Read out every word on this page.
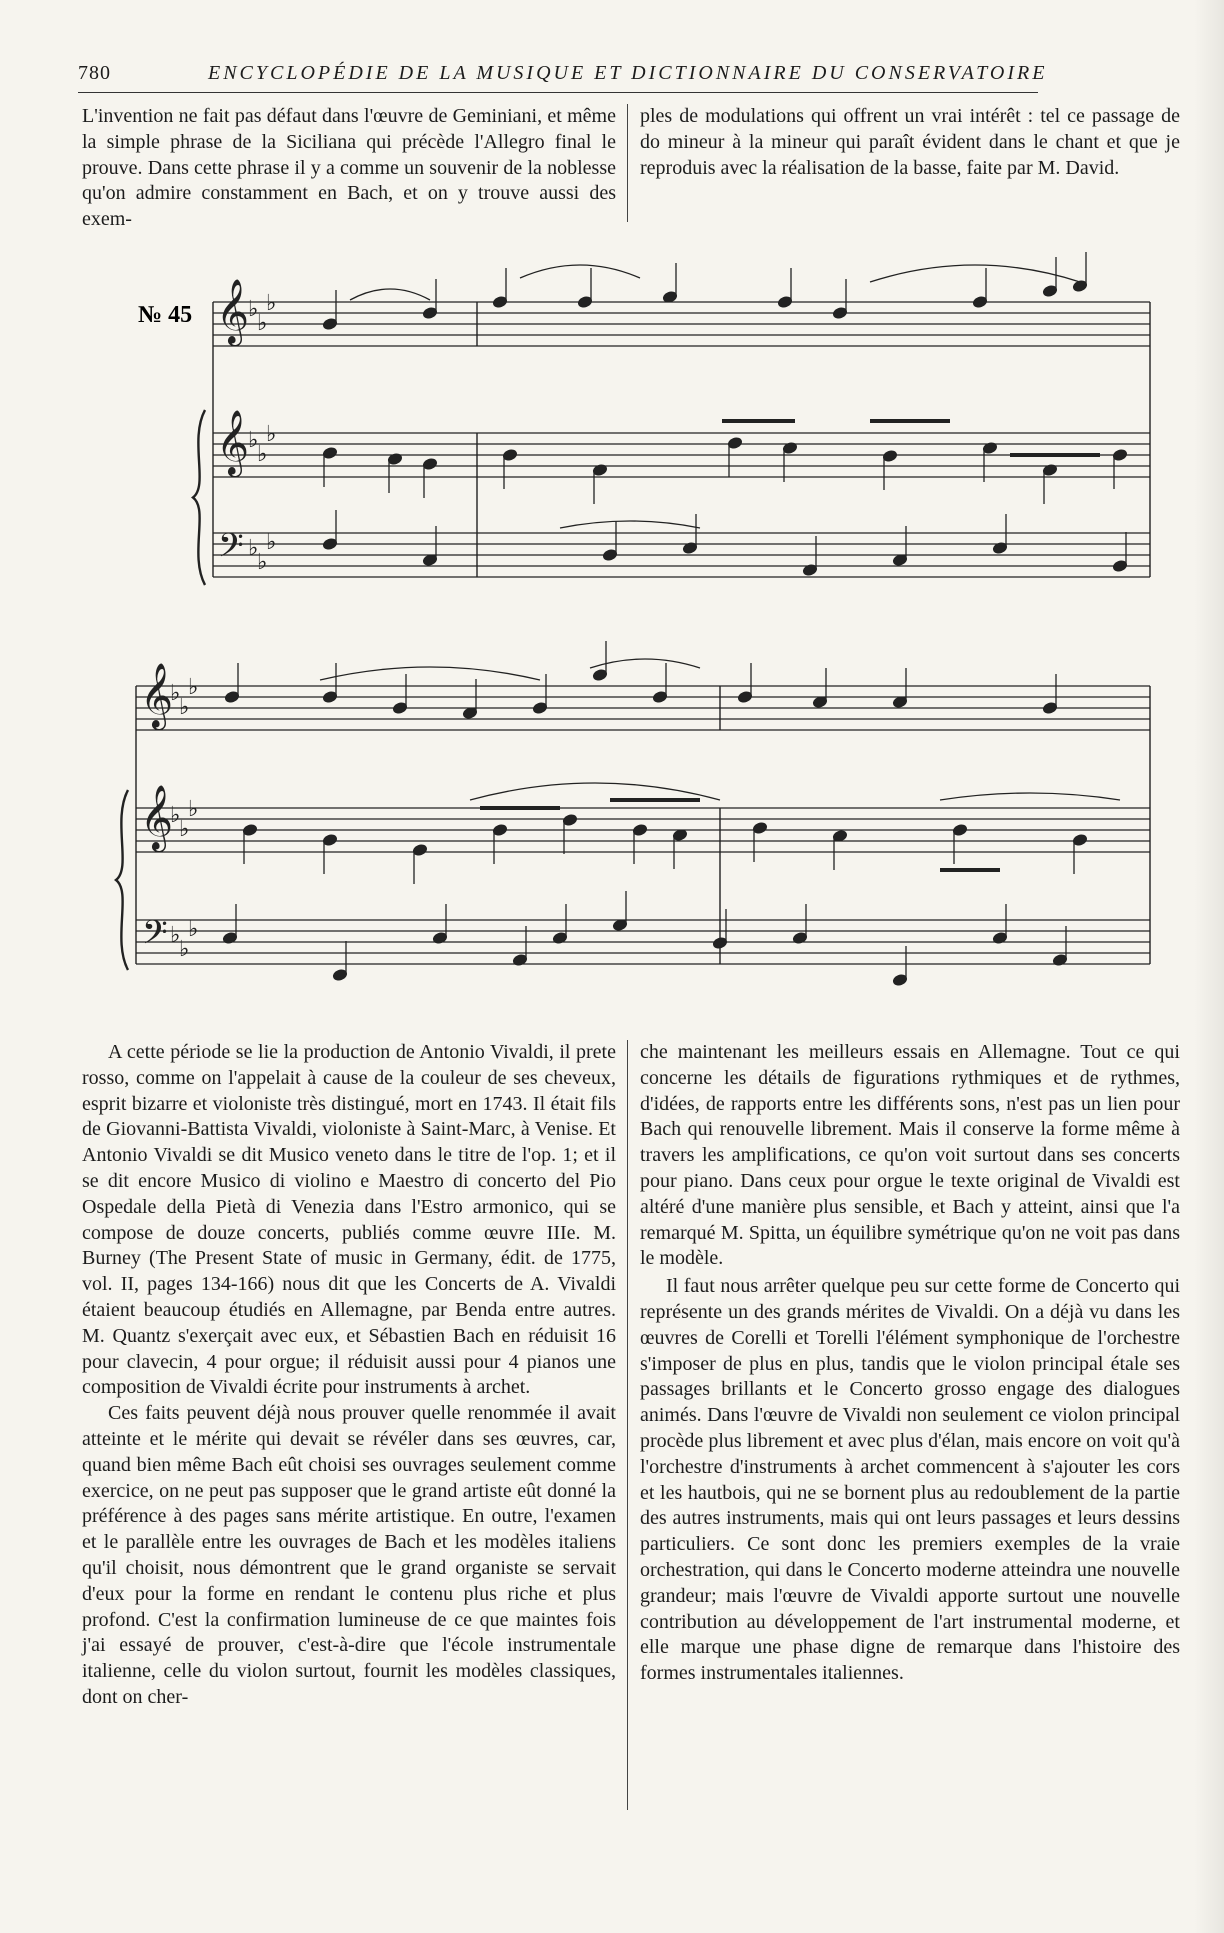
780	ENCYCLOPÉDIE DE LA MUSIQUE ET DICTIONNAIRE DU CONSERVATOIRE

L'invention ne fait pas défaut dans l'œuvre de Geminiani, et même la simple phrase de la Siciliana qui précède l'Allegro final le prouve. Dans cette phrase il y a comme un souvenir de la noblesse qu'on admire constamment en Bach, et on y trouve aussi des exem-

ples de modulations qui offrent un vrai intérêt : tel ce passage de do mineur à la mineur qui paraît évident dans le chant et que je reproduis avec la réalisation de la basse, faite par M. David.

№ 45 𝄞
𝄞
𝄢
♭
♭
♭
♭
♭
♭
♭
♭
♭
𝄞
𝄞
𝄢
♭
♭
♭
♭
♭
♭
♭
♭
♭

A cette période se lie la production de Antonio Vivaldi, il prete rosso, comme on l'appelait à cause de la couleur de ses cheveux, esprit bizarre et violoniste très distingué, mort en 1743. Il était fils de Giovanni-Battista Vivaldi, violoniste à Saint-Marc, à Venise. Et Antonio Vivaldi se dit Musico veneto dans le titre de l'op. 1; et il se dit encore Musico di violino e Maestro di concerto del Pio Ospedale della Pietà di Venezia dans l'Estro armonico, qui se compose de douze concerts, publiés comme œuvre IIIe. M. Burney (The Present State of music in Germany, édit. de 1775, vol. II, pages 134-166) nous dit que les Concerts de A. Vivaldi étaient beaucoup étudiés en Allemagne, par Benda entre autres. M. Quantz s'exerçait avec eux, et Sébastien Bach en réduisit 16 pour clavecin, 4 pour orgue; il réduisit aussi pour 4 pianos une composition de Vivaldi écrite pour instruments à archet.

Ces faits peuvent déjà nous prouver quelle renommée il avait atteinte et le mérite qui devait se révéler dans ses œuvres, car, quand bien même Bach eût choisi ses ouvrages seulement comme exercice, on ne peut pas supposer que le grand artiste eût donné la préférence à des pages sans mérite artistique. En outre, l'examen et le parallèle entre les ouvrages de Bach et les modèles italiens qu'il choisit, nous démontrent que le grand organiste se servait d'eux pour la forme en rendant le contenu plus riche et plus profond. C'est la confirmation lumineuse de ce que maintes fois j'ai essayé de prouver, c'est-à-dire que l'école instrumentale italienne, celle du violon surtout, fournit les modèles classiques, dont on cher-

che maintenant les meilleurs essais en Allemagne. Tout ce qui concerne les détails de figurations rythmiques et de rythmes, d'idées, de rapports entre les différents sons, n'est pas un lien pour Bach qui renouvelle librement. Mais il conserve la forme même à travers les amplifications, ce qu'on voit surtout dans ses concerts pour piano. Dans ceux pour orgue le texte original de Vivaldi est altéré d'une manière plus sensible, et Bach y atteint, ainsi que l'a remarqué M. Spitta, un équilibre symétrique qu'on ne voit pas dans le modèle.

Il faut nous arrêter quelque peu sur cette forme de Concerto qui représente un des grands mérites de Vivaldi. On a déjà vu dans les œuvres de Corelli et Torelli l'élément symphonique de l'orchestre s'imposer de plus en plus, tandis que le violon principal étale ses passages brillants et le Concerto grosso engage des dialogues animés. Dans l'œuvre de Vivaldi non seulement ce violon principal procède plus librement et avec plus d'élan, mais encore on voit qu'à l'orchestre d'instruments à archet commencent à s'ajouter les cors et les hautbois, qui ne se bornent plus au redoublement de la partie des autres instruments, mais qui ont leurs passages et leurs dessins particuliers. Ce sont donc les premiers exemples de la vraie orchestration, qui dans le Concerto moderne atteindra une nouvelle grandeur; mais l'œuvre de Vivaldi apporte surtout une nouvelle contribution au développement de l'art instrumental moderne, et elle marque une phase digne de remarque dans l'histoire des formes instrumentales italiennes.
